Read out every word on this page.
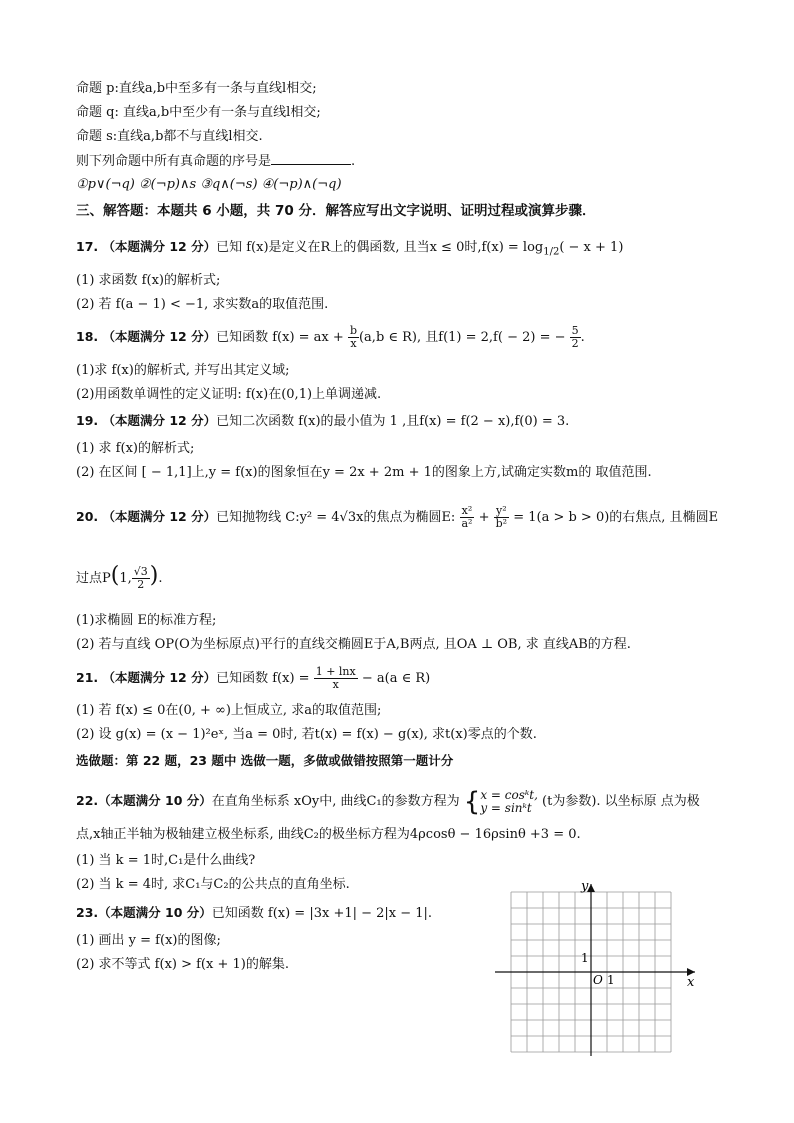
命题 p:直线a,b中至多有一条与直线l相交;
命题 q: 直线a,b中至少有一条与直线l相交;
命题 s:直线a,b都不与直线l相交.
则下列命题中所有真命题的序号是	.
①p∨(¬q) ②(¬p)∧s ③q∧(¬s) ④(¬p)∧(¬q)
三、解答题：本题共 6 小题，共 70 分．解答应写出文字说明、证明过程或演算步骤．
17. （本题满分 12 分）已知 f(x)是定义在R上的偶函数, 且当x ≤ 0时$,f(x) = \log_{1/2}( - x + 1)$
(1) 求函数 f(x)的解析式;
(2) 若 f(a − 1) < −1, 求实数a的取值范围.
18. （本题满分 12 分）已知函数 f(x) = ax + $\frac{b}{x} (a,b$ ∈ R), 且f(1) = 2,f( − 2) = − $\frac{5}{2}$ .
(1)求 f(x)的解析式, 并写出其定义域;
(2)用函数单调性的定义证明: f(x)在(0,1)上单调递减.
19. （本题满分 12 分）已知二次函数 f(x)的最小值为 1 ,且f(x) = f(2 − x),f(0) = 3.
(1) 求 f(x)的解析式;
(2) 在区间 [ − 1,1]上,y = f(x)的图象恒在y = 2x + 2m + 1的图象上方,试确定实数m的 取值范围.
20. （本题满分 12 分）已知抛物线 C:y² = 4√3x的焦点为椭圆E: $\frac{\text{x²}}{\text{a²}} + \frac{\text{y²}}{\text{b²}} = 1(a > b > 0)$的右焦点, 且椭圆E
过点P(1, $\frac{√3}{2}$ ).
(1)求椭圆 E的标准方程;
(2) 若与直线 OP(O为坐标原点)平行的直线交椭圆E于A,B两点, 且OA ⊥ OB, 求 直线AB的方程.
21. （本题满分 12 分）已知函数 $f(x) = \frac{1 + \ln x}{x} - a(a$ ∈ R)
(1) 若 f(x) ≤ 0在(0, + ∞)上恒成立, 求a的取值范围;
(2) 设 g(x) = (x − 1)²eˣ, 当a = 0时, 若t(x) = f(x) − g(x), 求t(x)零点的个数.
选做题：第 22 题，23 题中 选做一题，多做或做错按照第一题计分
22.（本题满分 10 分）在直角坐标系 xOy中, 曲线C₁的参数方程为 { x = cosᵏt,
y = sinᵏt (t为参数). 以坐标原 点为极
点,x轴正半轴为极轴建立极坐标系, 曲线C₂的极坐标方程为4ρcosθ − 16ρsinθ +3 = 0.
(1) 当 k = 1时,C₁是什么曲线?
(2) 当 k = 4时, 求C₁与C₂的公共点的直角坐标.
23.（本题满分 10 分）已知函数 f(x) = |3x +1| − 2|x − 1|.
(1) 画出 y = f(x)的图像;
(2) 求不等式 f(x) > f(x + 1)的解集.
y
x
O 1
1
